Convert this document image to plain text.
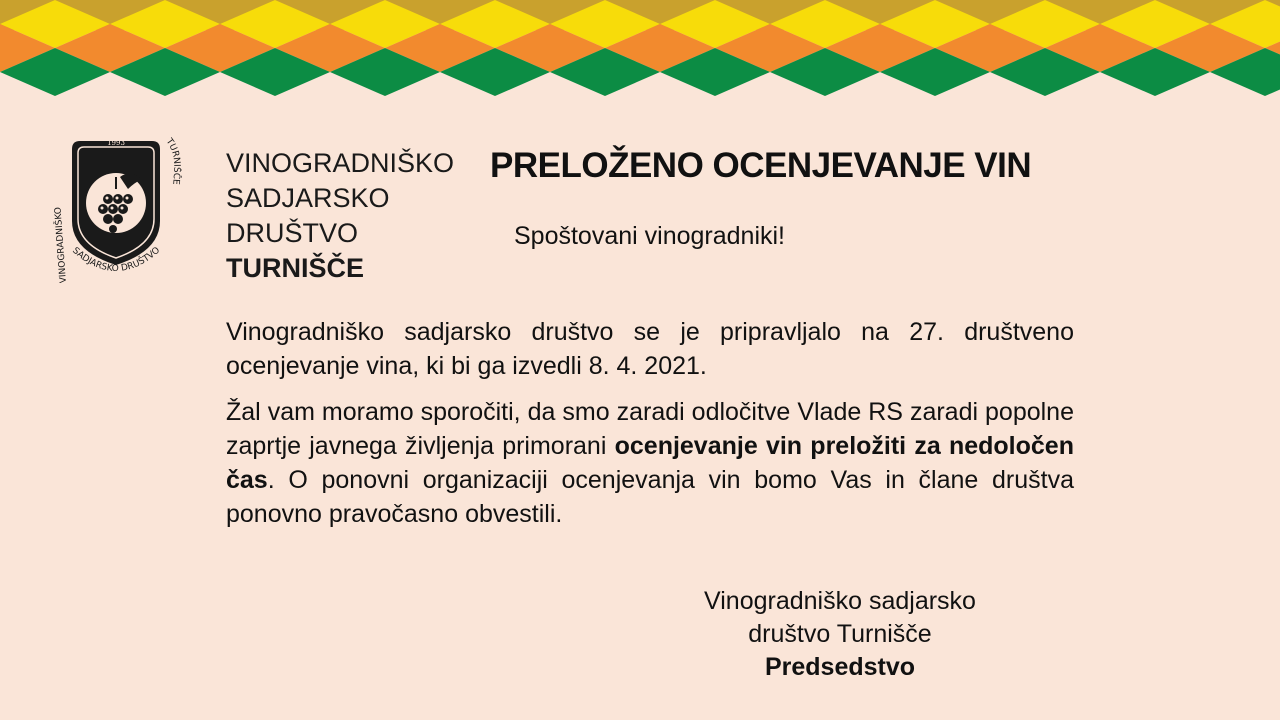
1993
VINOGRADNIŠKO
SADJARSKO DRUŠTVO
TURNIŠČE
VINOGRADNIŠKO
SADJARSKO
DRUŠTVO
TURNIŠČE
PRELOŽENO OCENJEVANJE VIN
Spoštovani vinogradniki!

Vinogradniško sadjarsko društvo se je pripravljalo na 27. društveno ocenjevanje vina, ki bi ga izvedli 8. 4. 2021.

Žal vam moramo sporočiti, da smo zaradi odločitve Vlade RS zaradi popolne zaprtje javnega življenja primorani ocenjevanje vin preložiti za nedoločen čas. O ponovni organizaciji ocenjevanja vin bomo Vas in člane društva ponovno pravočasno obvestili.

Vinogradniško sadjarsko
društvo Turnišče
Predsedstvo
